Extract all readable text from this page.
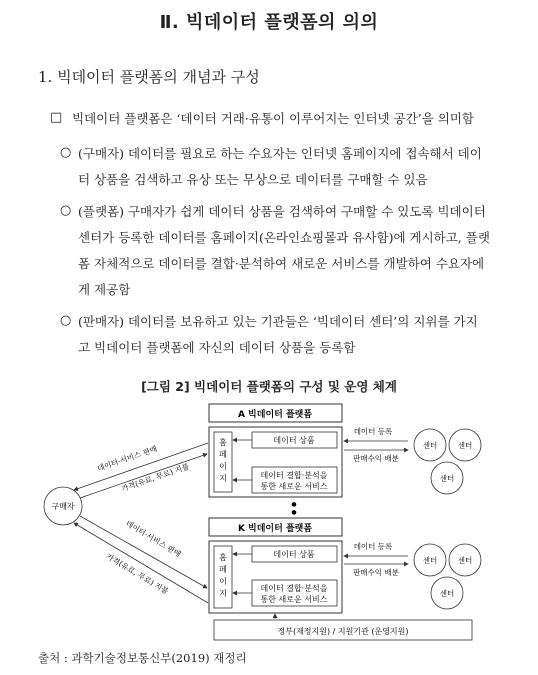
Ⅱ. 빅데이터 플랫폼의 의의
1. 빅데이터 플랫폼의 개념과 구성
□ 빅데이터 플랫폼은 ‘데이터 거래·유통이 이루어지는 인터넷 공간’을 의미함
○ (구매자) 데이터를 필요로 하는 수요자는 인터넷 홈페이지에 접속해서 데이
터 상품을 검색하고 유상 또는 무상으로 데이터를 구매할 수 있음
○ (플랫폼) 구매자가 쉽게 데이터 상품을 검색하여 구매할 수 있도록 빅데이터
센터가 등록한 데이터를 홈페이지(온라인쇼핑몰과 유사함)에 게시하고, 플랫
폼 자체적으로 데이터를 결합·분석하여 새로운 서비스를 개발하여 수요자에
게 제공함
○ (판매자) 데이터를 보유하고 있는 기관들은 ‘빅데이터 센터’의 지위를 가지
고 빅데이터 플랫폼에 자신의 데이터 상품을 등록함
[그림 2] 빅데이터 플랫폼의 구성 및 운영 체계
A 빅데이터 플랫폼
홈
페
이
지
데이터 상품
데이터 결합·분석을
통한 새로운 서비스
●
●
K 빅데이터 플랫폼
홈
페
이
지
데이터 상품
데이터 결합·분석을
통한 새로운 서비스
구매자
데이터·서비스 판매
가격(유료, 무료) 지불
데이터·서비스 판매
가격(유료, 무료) 지불
데이터 등록
판매수익 배분
센터	센터
센터
데이터 등록
판매수익 배분
센터	센터
센터
정부(재정지원) / 지원기관 (운영지원)
출처 : 과학기술정보통신부(2019) 재정리
